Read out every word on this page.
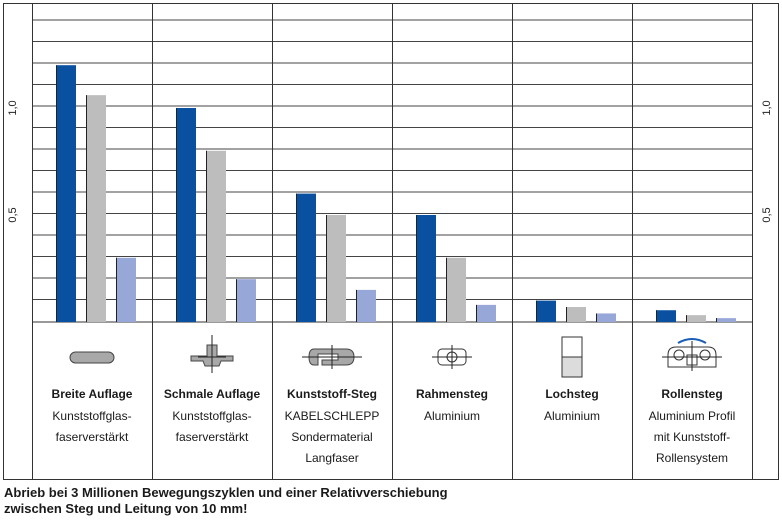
1,0	1,0
0,5	0,5
Breite Auflage
Kunststoffglas-
faserverstärkt
Schmale Auflage
Kunststoffglas-
faserverstärkt
Kunststoff-Steg
KABELSCHLEPP
Sondermaterial
Langfaser
Rahmensteg
Aluminium
Lochsteg
Aluminium
Rollensteg
Aluminium Profil
mit Kunststoff-
Rollensystem
Abrieb bei 3 Millionen Bewegungszyklen und einer Relativverschiebung
zwischen Steg und Leitung von 10 mm!
